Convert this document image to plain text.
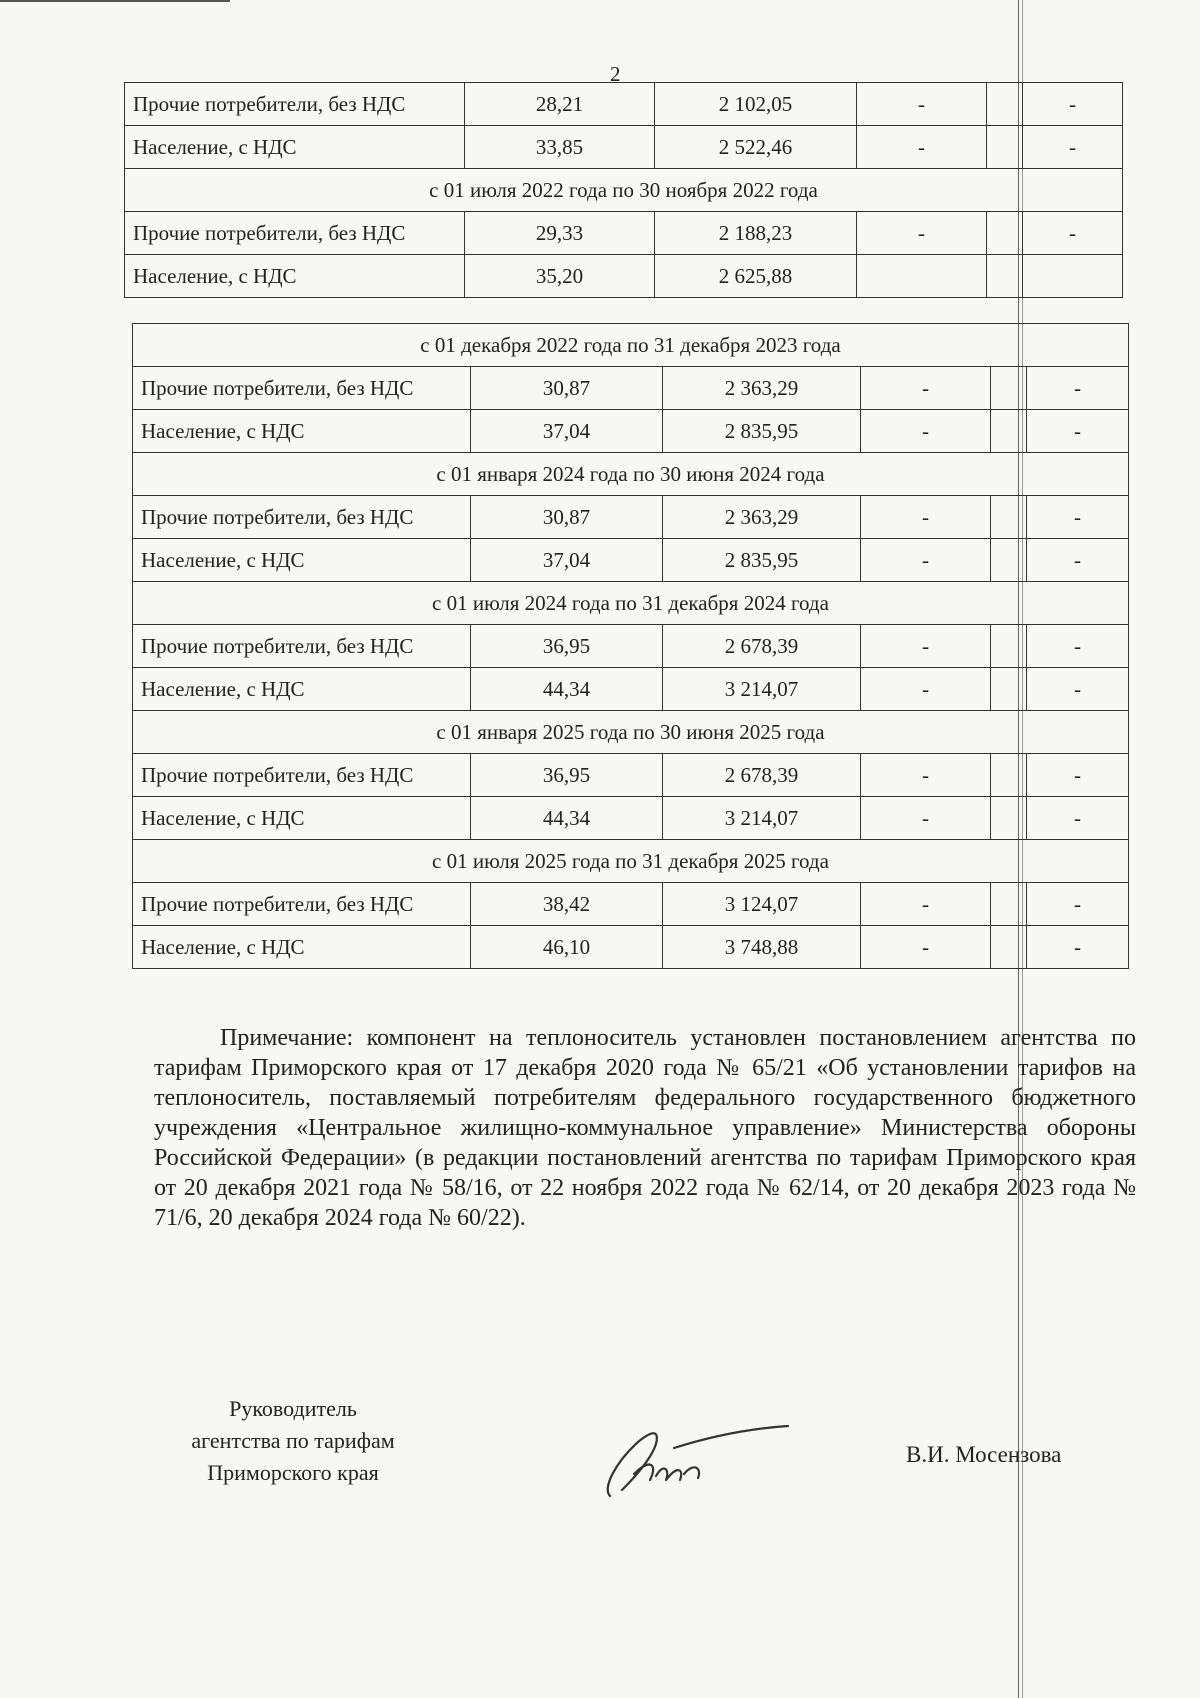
2
Прочие потребители, без НДС	28,21	2 102,05	-		-
Население, с НДС	33,85	2 522,46	-		-
с 01 июля 2022 года по 30 ноября 2022 года					
Прочие потребители, без НДС	29,33	2 188,23	-		-
Население, с НДС	35,20	2 625,88			
с 01 декабря 2022 года по 31 декабря 2023 года					
Прочие потребители, без НДС	30,87	2 363,29	-		-
Население, с НДС	37,04	2 835,95	-		-
с 01 января 2024 года по 30 июня 2024 года					
Прочие потребители, без НДС	30,87	2 363,29	-		-
Население, с НДС	37,04	2 835,95	-		-
с 01 июля 2024 года по 31 декабря 2024 года					
Прочие потребители, без НДС	36,95	2 678,39	-		-
Население, с НДС	44,34	3 214,07	-		-
с 01 января 2025 года по 30 июня 2025 года					
Прочие потребители, без НДС	36,95	2 678,39	-		-
Население, с НДС	44,34	3 214,07	-		-
с 01 июля 2025 года по 31 декабря 2025 года					
Прочие потребители, без НДС	38,42	3 124,07	-		-
Население, с НДС	46,10	3 748,88	-		-
Примечание: компонент на теплоноситель установлен постановлением агентства по тарифам Приморского края от 17 декабря 2020 года № 65/21 «Об установлении тарифов на теплоноситель, поставляемый потребителям федерального государственного бюджетного учреждения «Центральное жилищно-коммунальное управление» Министерства обороны Российской Федерации» (в редакции постановлений агентства по тарифам Приморского края от 20 декабря 2021 года № 58/16, от 22 ноября 2022 года № 62/14, от 20 декабря 2023 года № 71/6, 20 декабря 2024 года № 60/22).
Руководитель
агентства по тарифам
Приморского края
В.И. Мосензова
